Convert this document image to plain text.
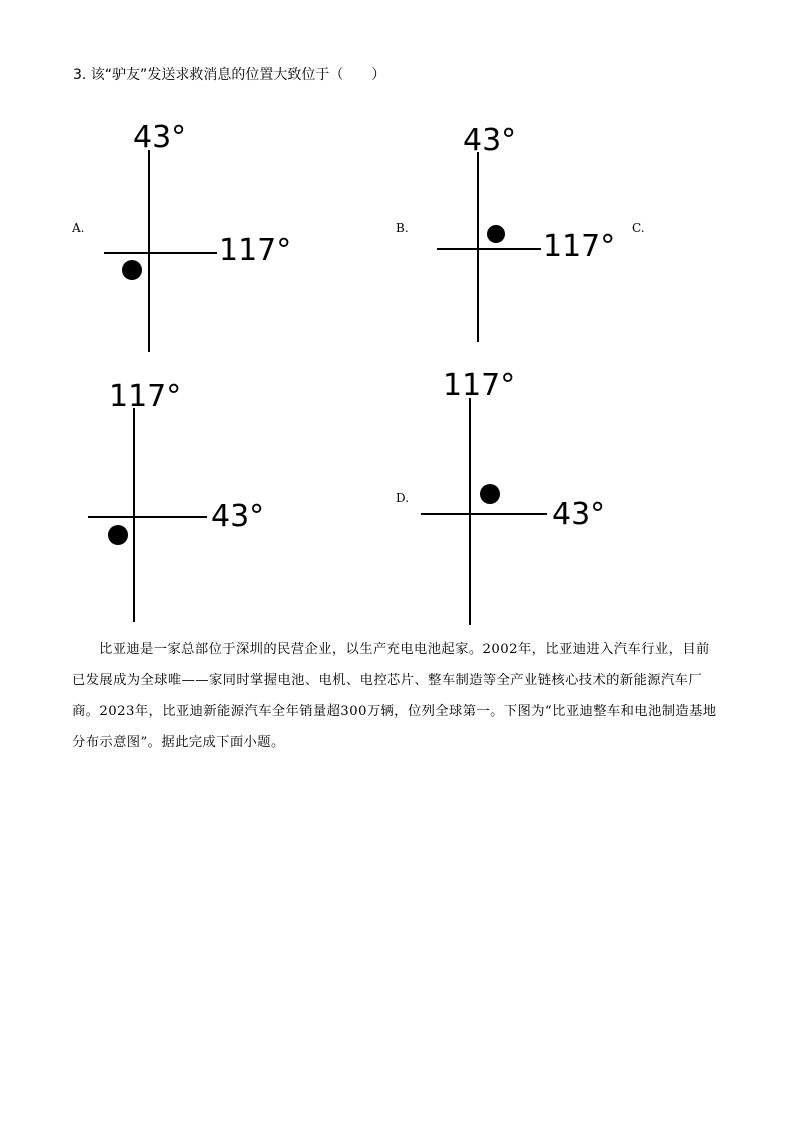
3. 该“驴友”发送求救消息的位置大致位于（　　）
A.	B.	C.
D.
43°
117°
43°
117°
117°
43°
117°
43°

比亚迪是一家总部位于深圳的民营企业，以生产充电电池起家。2002年，比亚迪进入汽车行业，目前已发展成为全球唯——家同时掌握电池、电机、电控芯片、整车制造等全产业链核心技术的新能源汽车厂商。2023年，比亚迪新能源汽车全年销量超300万辆，位列全球第一。下图为“比亚迪整车和电池制造基地分布示意图”。据此完成下面小题。
